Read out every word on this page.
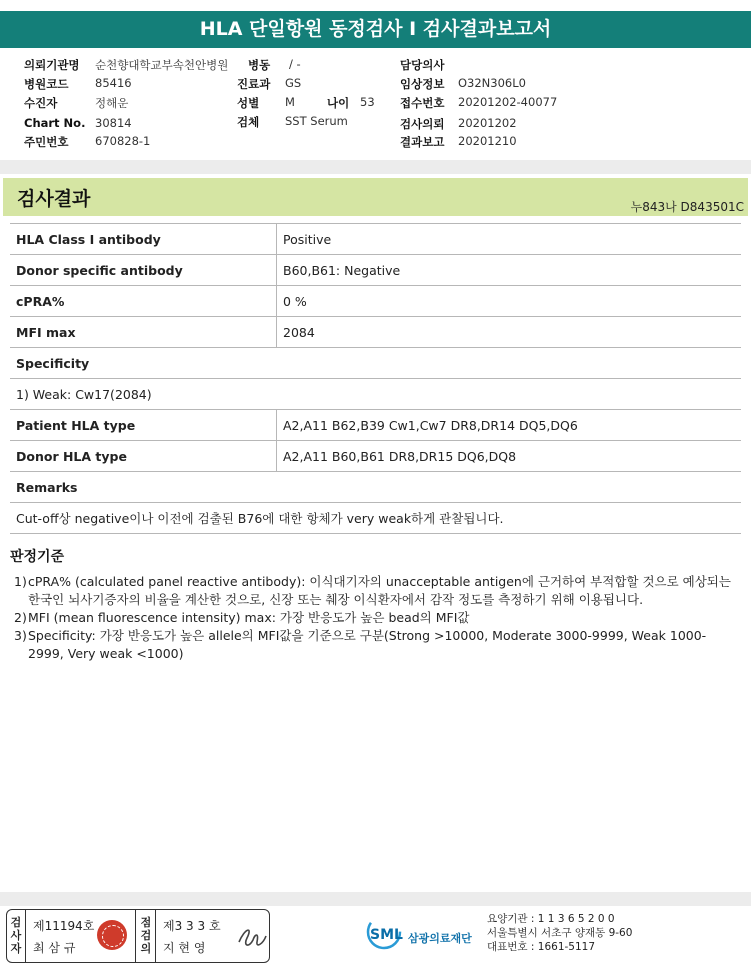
HLA 단일항원 동정검사 I 검사결과보고서
의뢰기관명 순천향대학교부속천안병원 병동 / -	담당의사
병원코드 85416	진료과 GS	임상정보 O32N306L0
수진자	정해운	성별 M	나이 53 접수번호 20201202-40077
Chart No. 30814	검체 SST Serum	검사의뢰 20201202
주민번호 670828-1	결과보고 20201210
검사결과	누843나 D843501C
HLA Class I antibody	Positive
Donor specific antibody	B60,B61: Negative
cPRA%	0 %
MFI max	2084
Specificity	
1) Weak: Cw17(2084)	
Patient HLA type	A2,A11 B62,B39 Cw1,Cw7 DR8,DR14 DQ5,DQ6
Donor HLA type	A2,A11 B60,B61 DR8,DR15 DQ6,DQ8
Remarks	
Cut-off상 negative이나 이전에 검출된 B76에 대한 항체가 very weak하게 관찰됩니다.	
판정기준
1) cPRA% (calculated panel reactive antibody): 이식대기자의 unacceptable antigen에 근거하여 부적합할 것으로 예상되는 한국인 뇌사기증자의 비율을 계산한 것으로, 신장 또는 췌장 이식환자에서 감작 정도를 측정하기 위해 이용됩니다.
2) MFI (mean fluorescence intensity) max: 가장 반응도가 높은 bead의 MFI값
3) Specificity: 가장 반응도가 높은 allele의 MFI값을 기준으로 구분(Strong >10000, Moderate 3000-9999, Weak 1000-2999, Very weak <1000)
검사자
제11194호
최 삼 규
점검의
제3 3 3 호
지 현 영
SML 삼광의료재단
요양기관 : 1 1 3 6 5 2 0 0
서울특별시 서초구 양재동 9-60
대표번호 : 1661-5117
